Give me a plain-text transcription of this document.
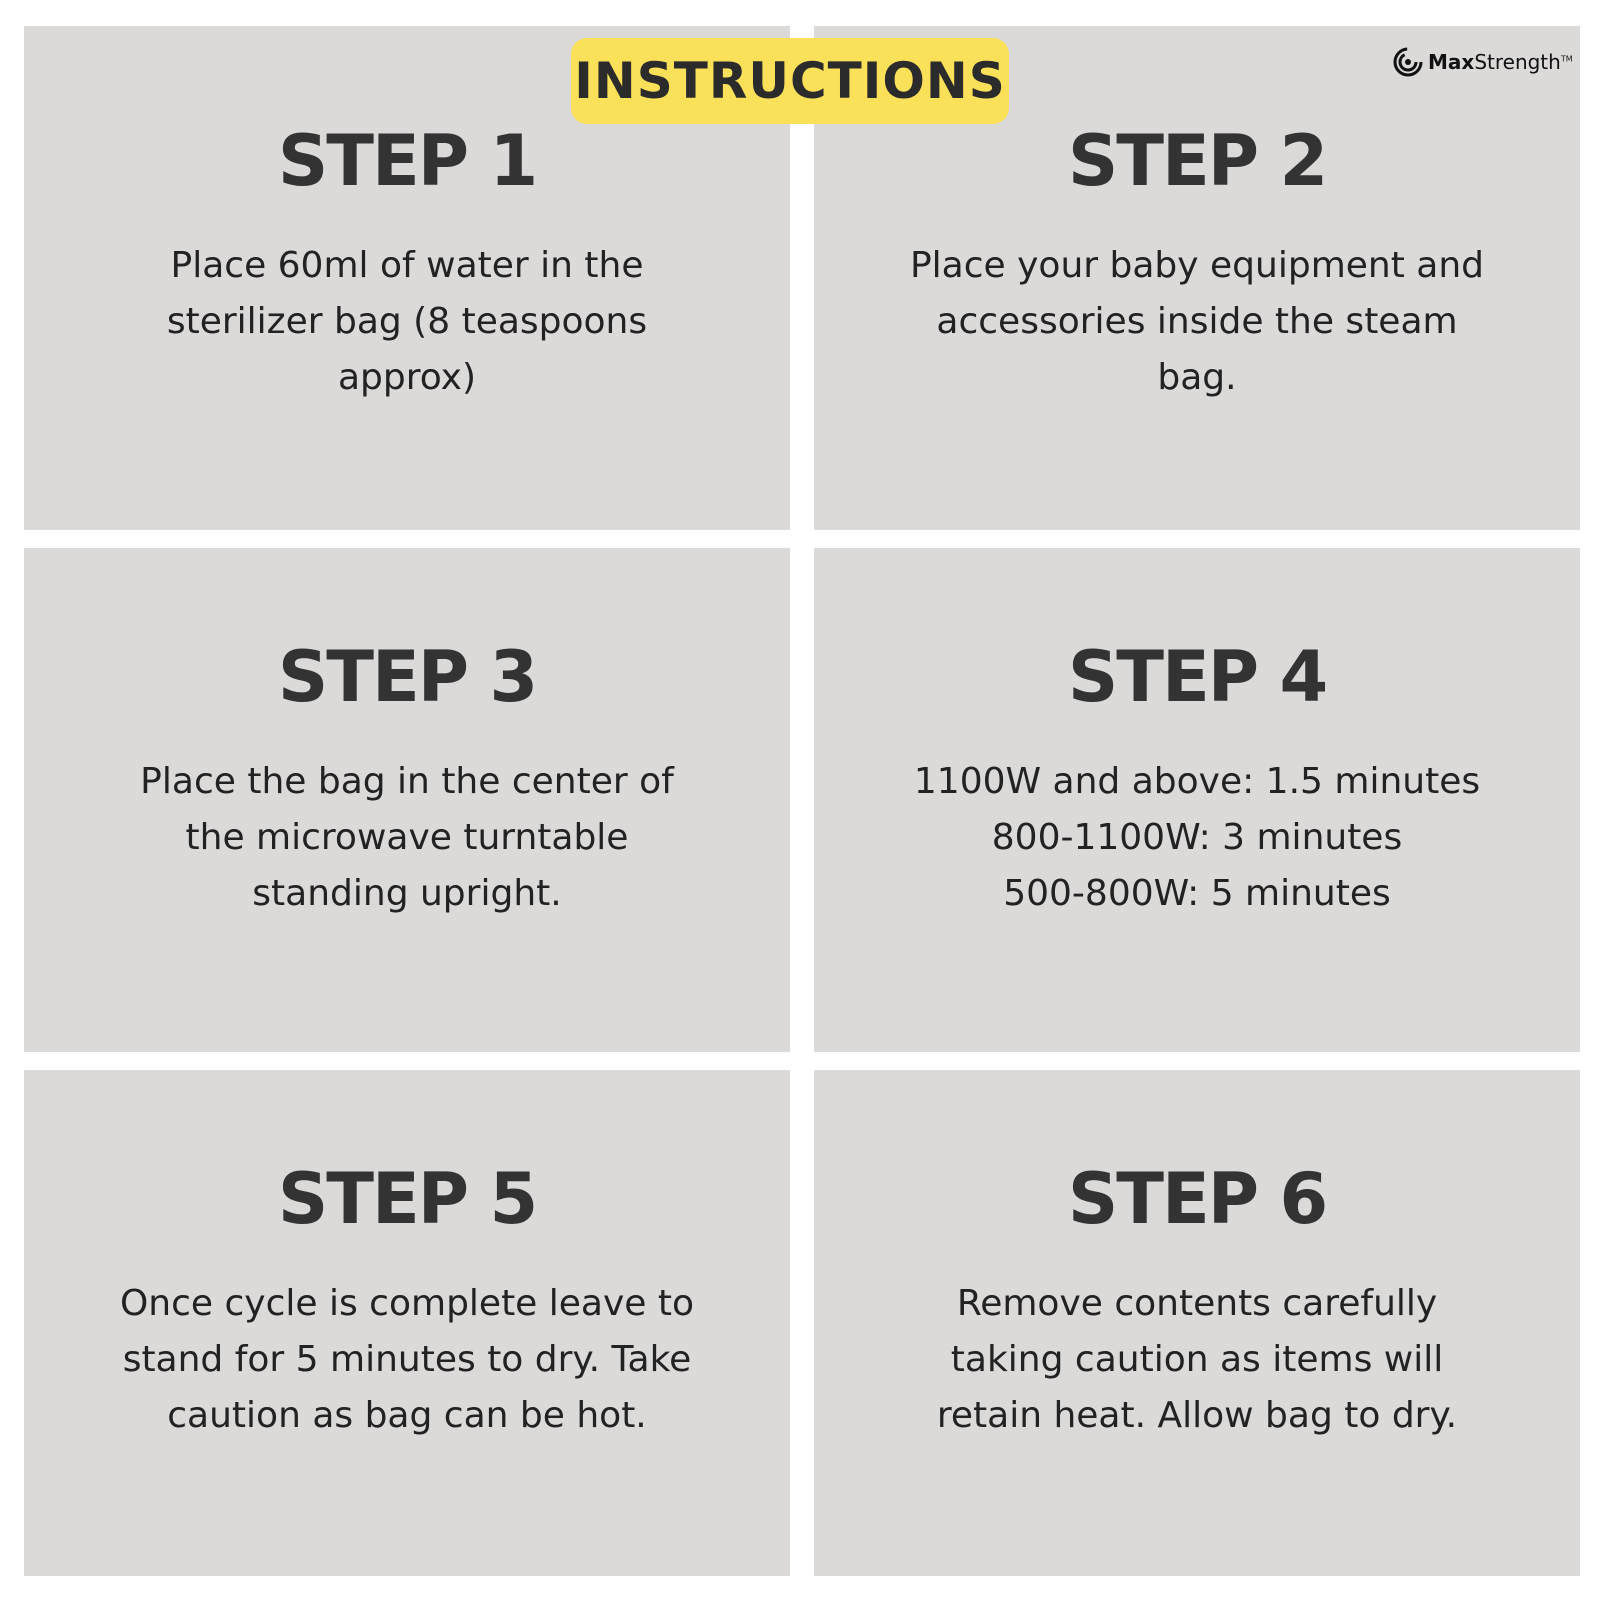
INSTRUCTIONS	MaxStrength™
STEP 1
Place 60ml of water in the
sterilizer bag (8 teaspoons
approx)
STEP 2
Place your baby equipment and
accessories inside the steam
bag.
STEP 3
Place the bag in the center of
the microwave turntable
standing upright.
STEP 4
1100W and above: 1.5 minutes
800-1100W: 3 minutes
500-800W: 5 minutes
STEP 5
Once cycle is complete leave to
stand for 5 minutes to dry. Take
caution as bag can be hot.
STEP 6
Remove contents carefully
taking caution as items will
retain heat. Allow bag to dry.
